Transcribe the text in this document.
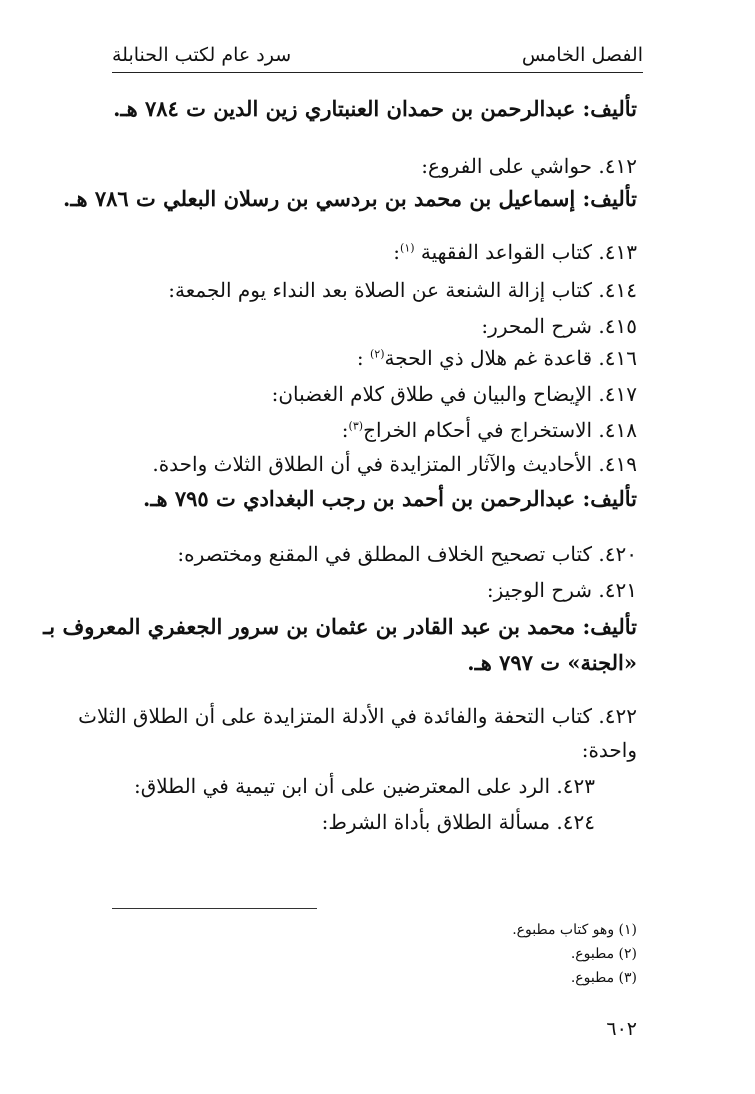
الفصل الخامس
سرد عام لكتب الحنابلة
تأليف: عبدالرحمن بن حمدان العنبتاري زين الدين ت ٧٨٤ هـ.
٤١٢. حواشي على الفروع:
تأليف: إسماعيل بن محمد بن بردسي بن رسلان البعلي ت ٧٨٦ هـ.
٤١٣. كتاب القواعد الفقهية $^{(١)}$:
٤١٤. كتاب إزالة الشنعة عن الصلاة بعد النداء يوم الجمعة:
٤١٥. شرح المحرر:
٤١٦. قاعدة غم هلال ذي الحجة$^{(٢)}$ :
٤١٧. الإيضاح والبيان في طلاق كلام الغضبان:
٤١٨. الاستخراج في أحكام الخراج$^{(٣)}$:
٤١٩. الأحاديث والآثار المتزايدة في أن الطلاق الثلاث واحدة.
تأليف: عبدالرحمن بن أحمد بن رجب البغدادي ت ٧٩٥ هـ.
٤٢٠. كتاب تصحيح الخلاف المطلق في المقنع ومختصره:
٤٢١. شرح الوجيز:
تأليف: محمد بن عبد القادر بن عثمان بن سرور الجعفري المعروف بـ
«الجنة» ت ٧٩٧ هـ.
٤٢٢. كتاب التحفة والفائدة في الأدلة المتزايدة على أن الطلاق الثلاث
واحدة:
٤٢٣. الرد على المعترضين على أن ابن تيمية في الطلاق:
٤٢٤. مسألة الطلاق بأداة الشرط:
(١) وهو كتاب مطبوع.
(٢) مطبوع.
(٣) مطبوع.
٦٠٢
